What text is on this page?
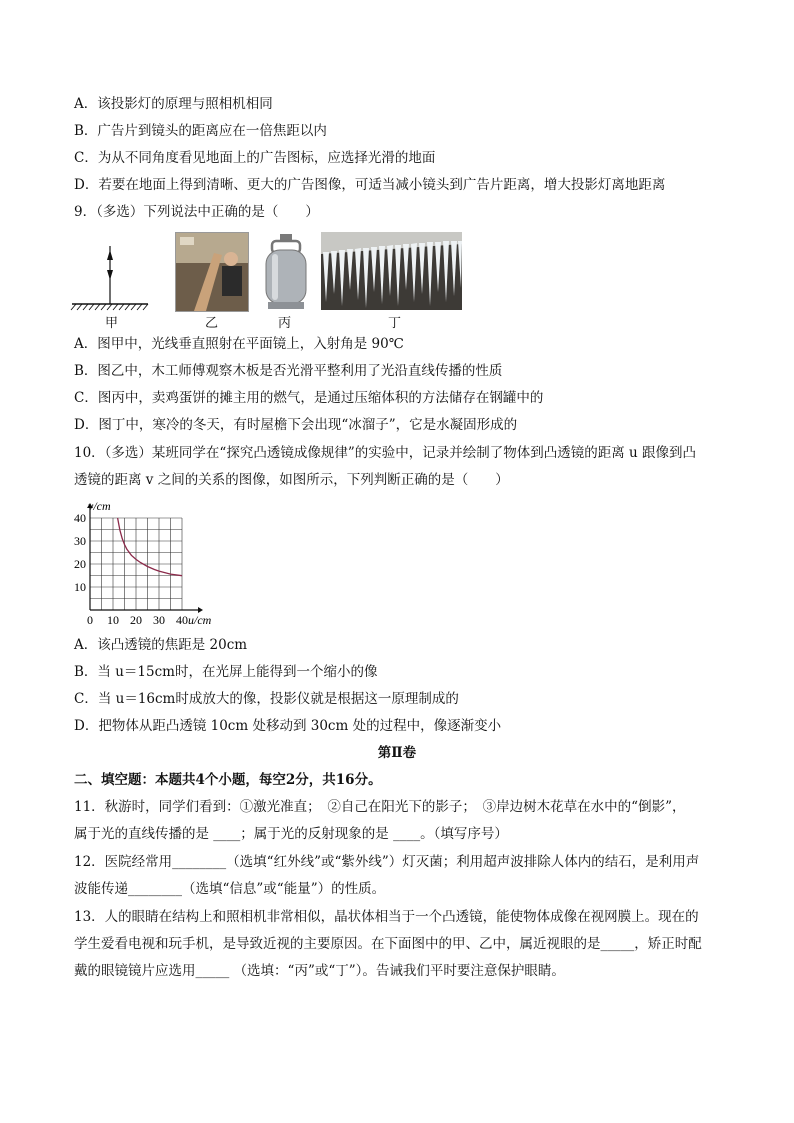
A．该投影灯的原理与照相机相同
B．广告片到镜头的距离应在一倍焦距以内
C．为从不同角度看见地面上的广告图标，应选择光滑的地面
D．若要在地面上得到清晰、更大的广告图像，可适当减小镜头到广告片距离，增大投影灯离地距离
9．（多选）下列说法中正确的是（　　）
甲	乙	丙	丁
A．图甲中，光线垂直照射在平面镜上，入射角是 90℃
B．图乙中，木工师傅观察木板是否光滑平整利用了光沿直线传播的性质
C．图丙中，卖鸡蛋饼的摊主用的燃气，是通过压缩体积的方法储存在钢罐中的
D．图丁中，寒冷的冬天，有时屋檐下会出现“冰溜子”，它是水凝固形成的
10．（多选）某班同学在“探究凸透镜成像规律”的实验中，记录并绘制了物体到凸透镜的距离 u 跟像到凸
透镜的距离 v 之间的关系的图像，如图所示，下列判断正确的是（　　）
0 10 20 30 40
10
20
30
40
v/cm
u/cm
A．该凸透镜的焦距是 20cm
B．当 u＝15cm时，在光屏上能得到一个缩小的像
C．当 u＝16cm时成放大的像，投影仪就是根据这一原理制成的
D．把物体从距凸透镜 10cm 处移动到 30cm 处的过程中，像逐渐变小
第Ⅱ卷
二、填空题：本题共4个小题，每空2分，共16分。
11．秋游时，同学们看到：①激光准直；　②自己在阳光下的影子；　③岸边树木花草在水中的“倒影”，
属于光的直线传播的是 ____；属于光的反射现象的是 ____。（填写序号）
12．医院经常用________（选填“红外线”或“紫外线”）灯灭菌；利用超声波排除人体内的结石，是利用声
波能传递________（选填“信息”或“能量”）的性质。
13．人的眼睛在结构上和照相机非常相似，晶状体相当于一个凸透镜，能使物体成像在视网膜上。现在的
学生爱看电视和玩手机，是导致近视的主要原因。在下面图中的甲、乙中，属近视眼的是_____，矫正时配
戴的眼镜镜片应选用_____ （选填：“丙”或“丁”）。告诫我们平时要注意保护眼睛。
